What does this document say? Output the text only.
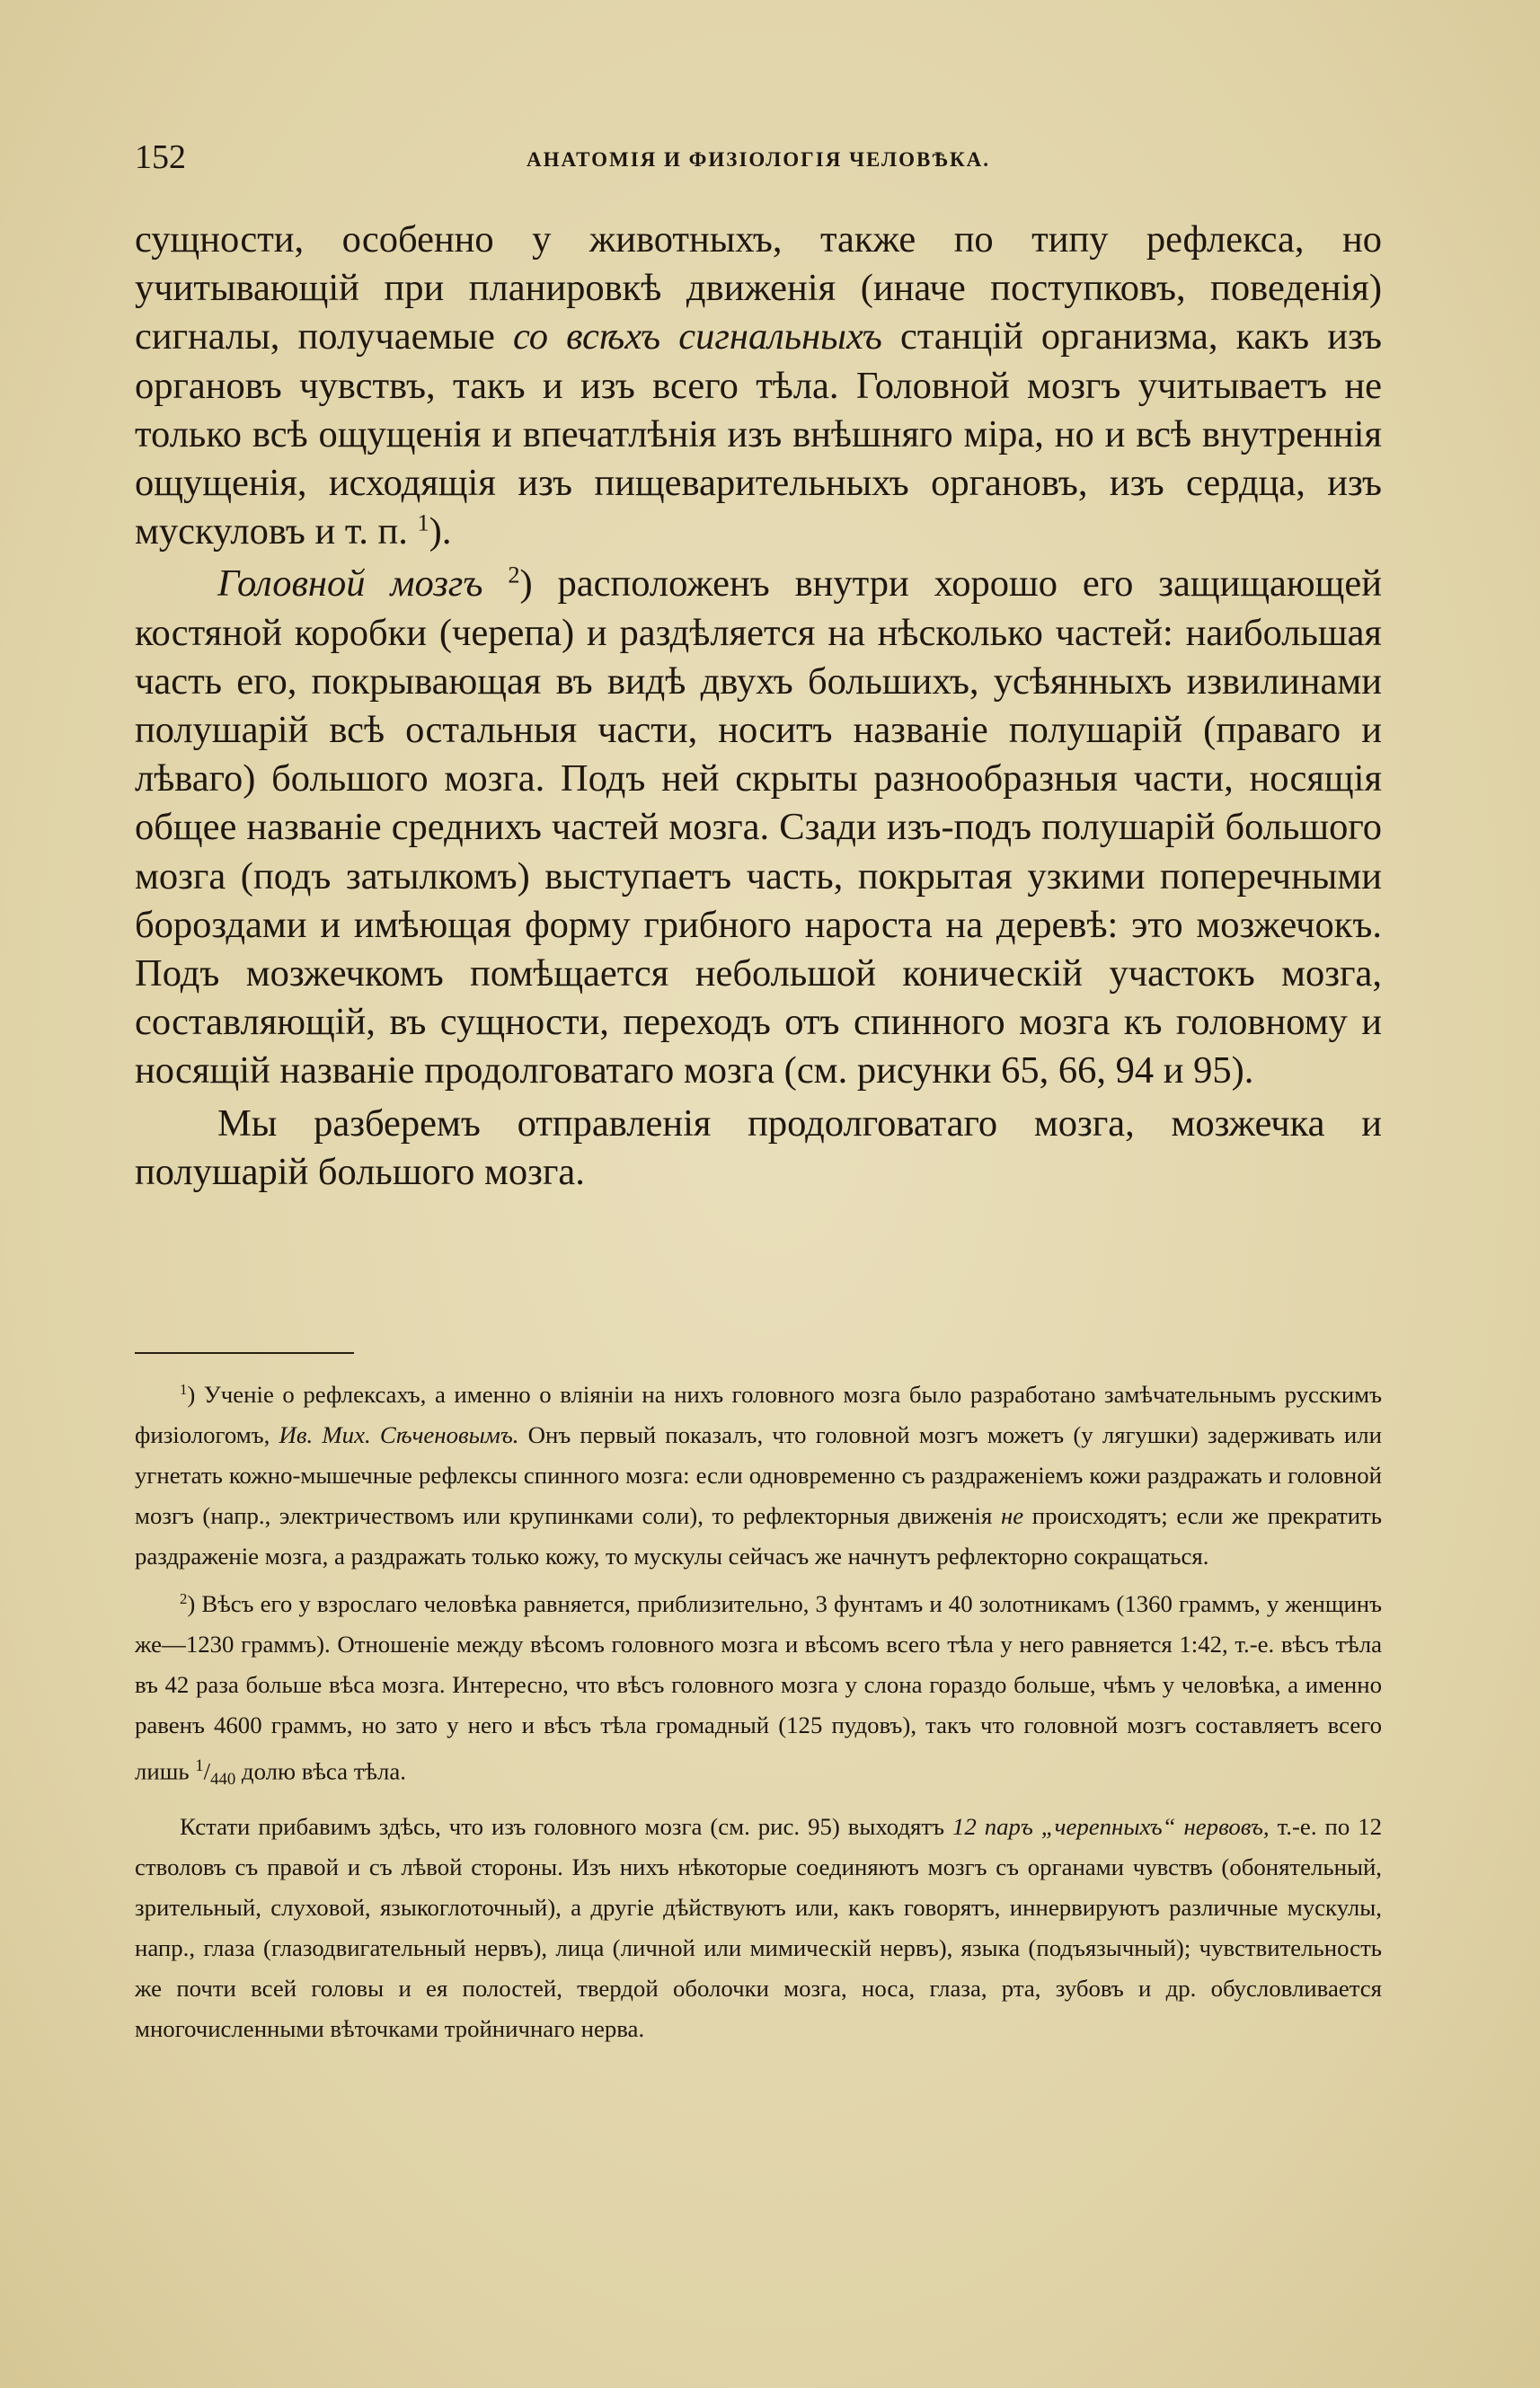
152	АНАТОМІЯ И ФИЗІОЛОГІЯ ЧЕЛОВѢКА.

сущности, особенно у животныхъ, также по типу рефлекса, но учитывающій при планировкѣ движенія (иначе поступковъ, поведенія) сигналы, получаемые со всѣхъ сигнальныхъ станцій организма, какъ изъ органовъ чувствъ, такъ и изъ всего тѣла. Головной мозгъ учитываетъ не только всѣ ощущенія и впечатлѣнія изъ внѣшняго міра, но и всѣ внутреннія ощущенія, исходящія изъ пищеварительныхъ органовъ, изъ сердца, изъ мускуловъ и т. п. $^1$).

Головной мозгъ $^2$) расположенъ внутри хорошо его защищающей костяной коробки (черепа) и раздѣляется на нѣсколько частей: наибольшая часть его, покрывающая въ видѣ двухъ большихъ, усѣянныхъ извилинами полушарій всѣ остальныя части, носитъ названіе полушарій (праваго и лѣваго) большого мозга. Подъ ней скрыты разнообразныя части, носящія общее названіе среднихъ частей мозга. Сзади изъ-подъ полушарій большого мозга (подъ затылкомъ) выступаетъ часть, покрытая узкими поперечными бороздами и имѣющая форму грибного нароста на деревѣ: это мозжечокъ. Подъ мозжечкомъ помѣщается небольшой коническій участокъ мозга, составляющій, въ сущности, переходъ отъ спинного мозга къ головному и носящій названіе продолговатаго мозга (см. рисунки 65, 66, 94 и 95).

Мы разберемъ отправленія продолговатаго мозга, мозжечка и полушарій большого мозга.

$^1$) Ученіе о рефлексахъ, а именно о вліяніи на нихъ головного мозга было разработано замѣчательнымъ русскимъ физіологомъ, Ив. Мих. Сѣченовымъ. Онъ первый показалъ, что головной мозгъ можетъ (у лягушки) задерживать или угнетать кожно-мышечные рефлексы спинного мозга: если одновременно съ раздраженіемъ кожи раздражать и головной мозгъ (напр., электричествомъ или крупинками соли), то рефлекторныя движенія не происходятъ; если же прекратить раздраженіе мозга, а раздражать только кожу, то мускулы сейчасъ же начнутъ рефлекторно сокращаться.

$^2$) Вѣсъ его у взрослаго человѣка равняется, приблизительно, 3 фунтамъ и 40 золотникамъ (1360 граммъ, у женщинъ же—1230 граммъ). Отношеніе между вѣсомъ головного мозга и вѣсомъ всего тѣла у него равняется 1:42, т.-е. вѣсъ тѣла въ 42 раза больше вѣса мозга. Интересно, что вѣсъ головного мозга у слона гораздо больше, чѣмъ у человѣка, а именно равенъ 4600 граммъ, но зато у него и вѣсъ тѣла громадный (125 пудовъ), такъ что головной мозгъ составляетъ всего лишь $^1/_{440}$ долю вѣса тѣла.

Кстати прибавимъ здѣсь, что изъ головного мозга (см. рис. 95) выходятъ 12 паръ „черепныхъ“ нервовъ, т.-е. по 12 стволовъ съ правой и съ лѣвой стороны. Изъ нихъ нѣкоторые соединяютъ мозгъ съ органами чувствъ (обонятельный, зрительный, слуховой, языкоглоточный), а другіе дѣйствуютъ или, какъ говорятъ, иннервируютъ различные мускулы, напр., глаза (глазодвигательный нервъ), лица (личной или мимическій нервъ), языка (подъязычный); чувствительность же почти всей головы и ея полостей, твердой оболочки мозга, носа, глаза, рта, зубовъ и др. обусловливается многочисленными вѣточками тройничнаго нерва.
